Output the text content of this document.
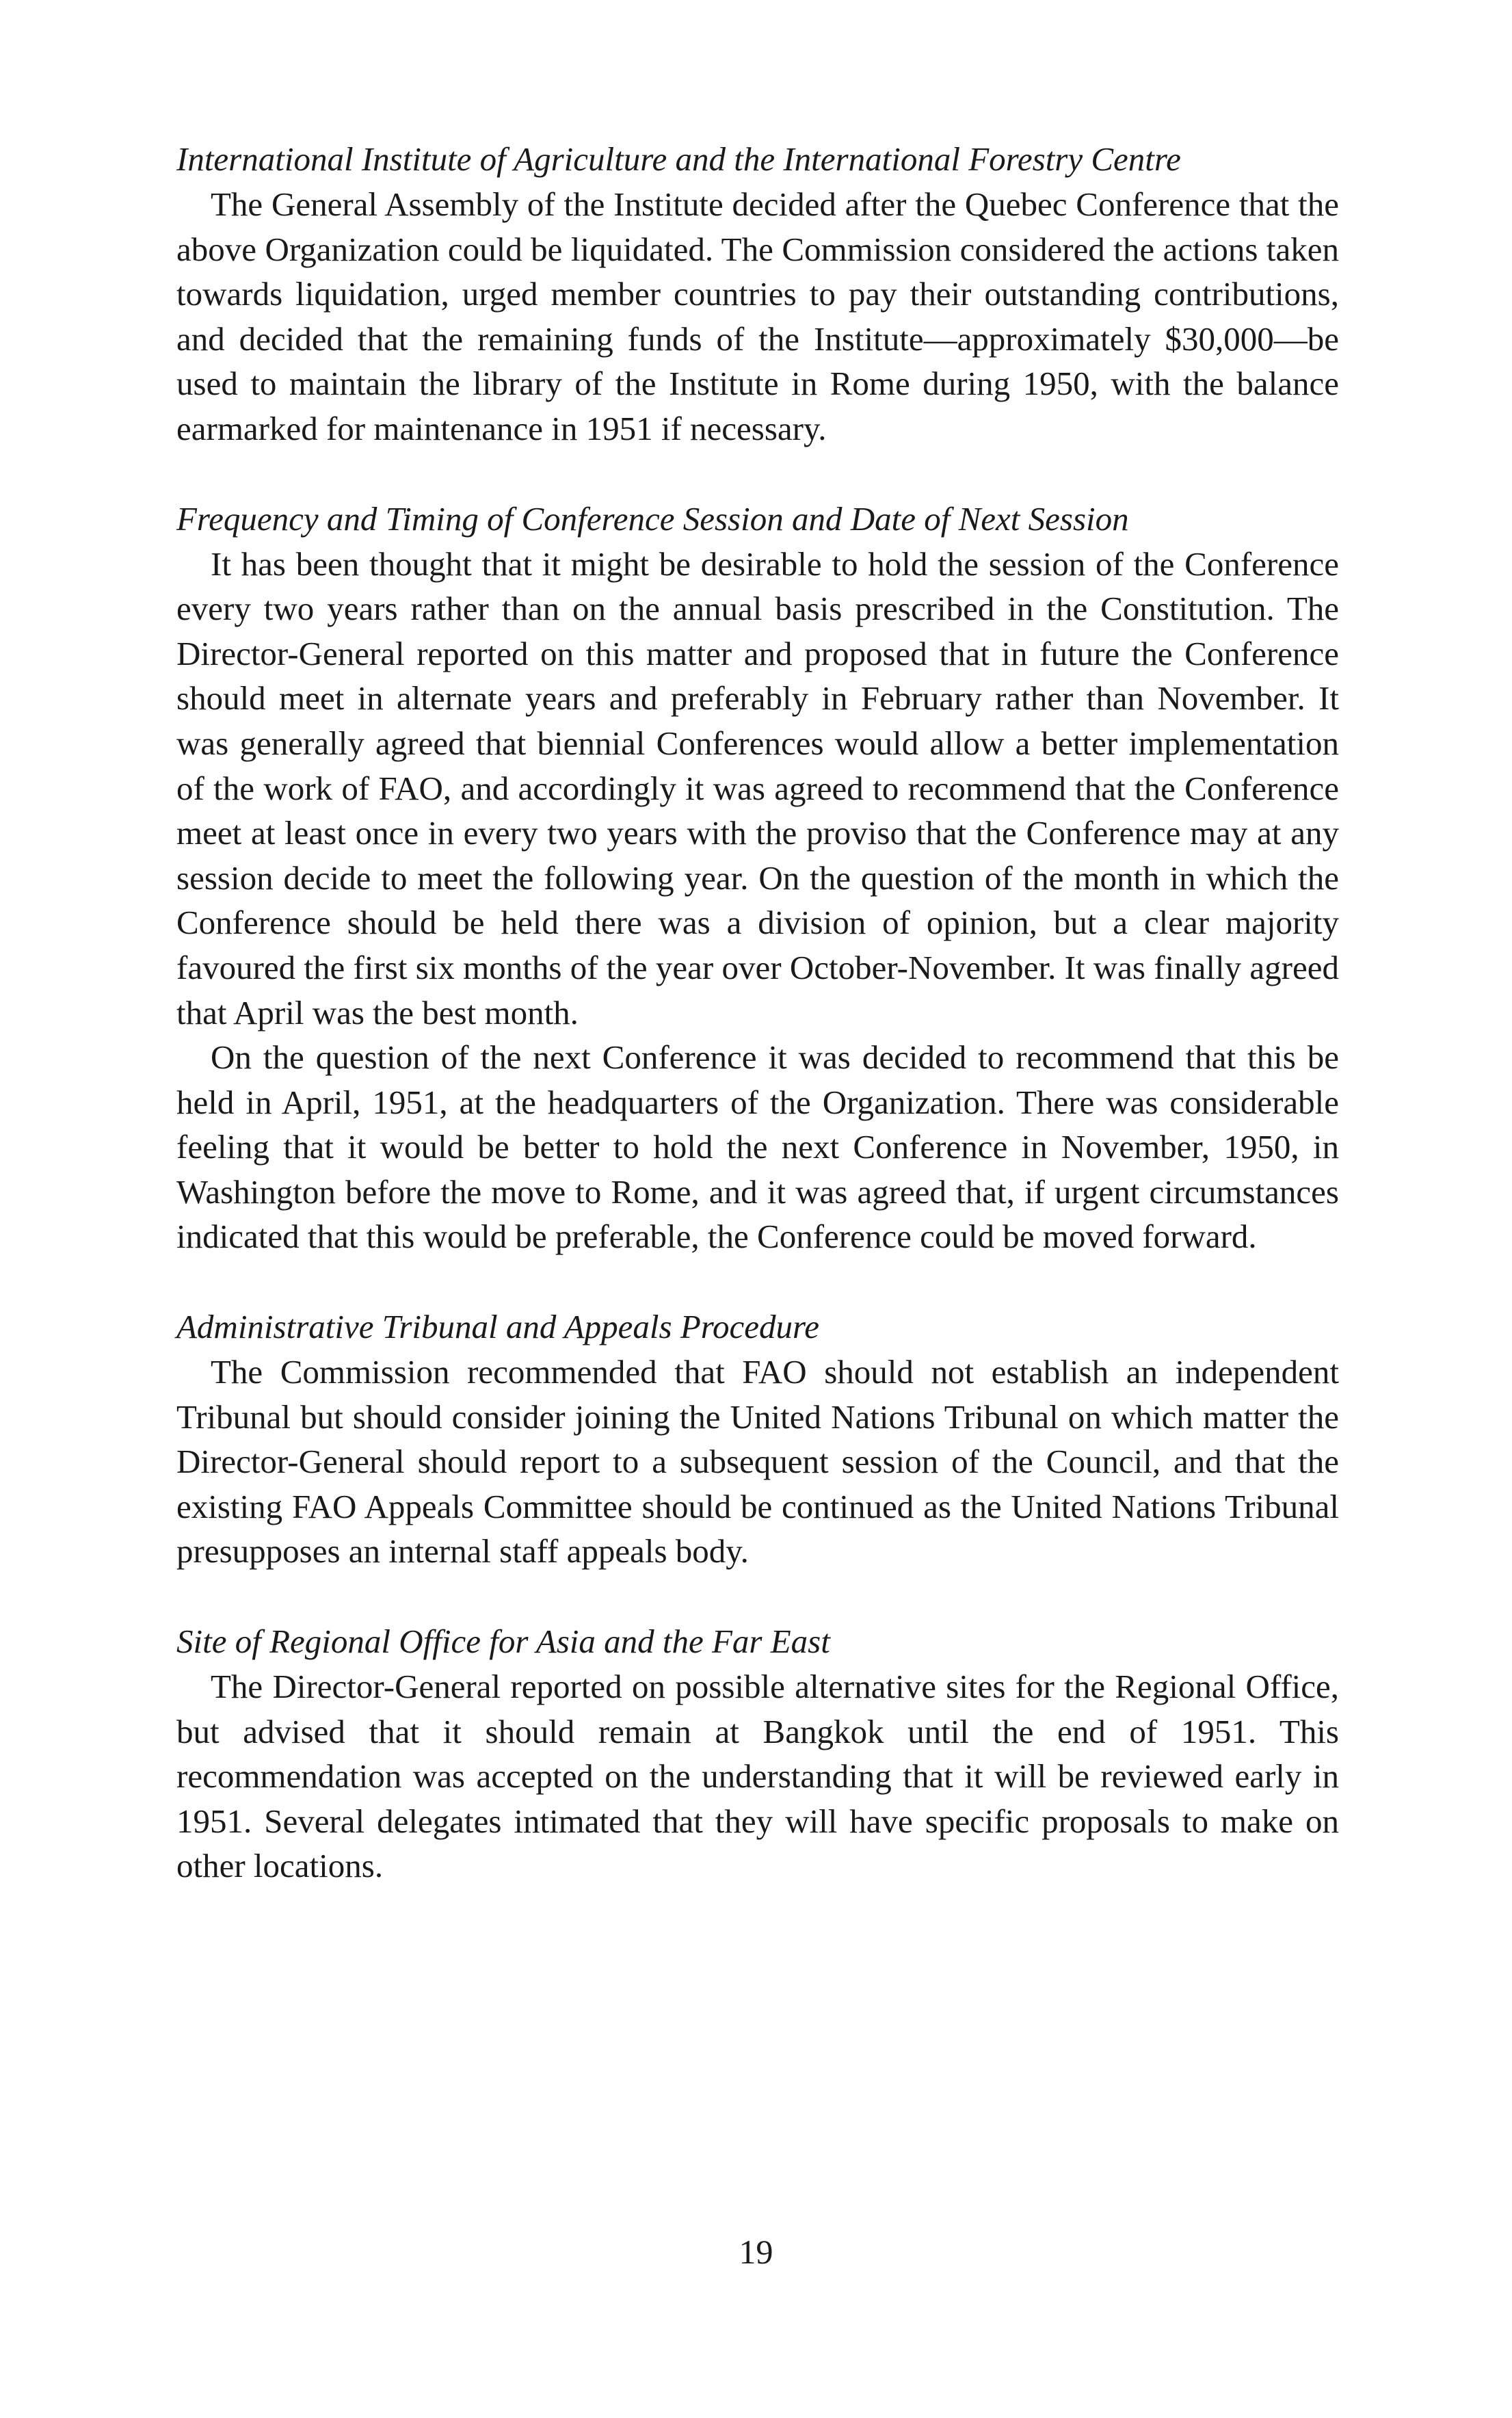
International Institute of Agriculture and the International Forestry Centre

The General Assembly of the Institute decided after the Quebec Conference that the above Organization could be liquidated. The Commission considered the actions taken towards liquidation, urged member countries to pay their outstanding contributions, and decided that the remaining funds of the Institute—approximately $30,000—be used to maintain the library of the Institute in Rome during 1950, with the balance earmarked for maintenance in 1951 if necessary.

Frequency and Timing of Conference Session and Date of Next Session

It has been thought that it might be desirable to hold the session of the Conference every two years rather than on the annual basis prescribed in the Constitution. The Director-General reported on this matter and proposed that in future the Conference should meet in alternate years and preferably in February rather than November. It was generally agreed that biennial Conferences would allow a better implementation of the work of FAO, and accordingly it was agreed to recommend that the Conference meet at least once in every two years with the proviso that the Conference may at any session decide to meet the following year. On the question of the month in which the Conference should be held there was a division of opinion, but a clear majority favoured the first six months of the year over October-November. It was finally agreed that April was the best month.

On the question of the next Conference it was decided to recommend that this be held in April, 1951, at the headquarters of the Organization. There was considerable feeling that it would be better to hold the next Conference in November, 1950, in Washington before the move to Rome, and it was agreed that, if urgent circumstances indicated that this would be preferable, the Conference could be moved forward.

Administrative Tribunal and Appeals Procedure

The Commission recommended that FAO should not establish an independent Tribunal but should consider joining the United Nations Tribunal on which matter the Director-General should report to a subsequent session of the Council, and that the existing FAO Appeals Committee should be continued as the United Nations Tribunal presupposes an internal staff appeals body.

Site of Regional Office for Asia and the Far East

The Director-General reported on possible alternative sites for the Regional Office, but advised that it should remain at Bangkok until the end of 1951. This recommendation was accepted on the understanding that it will be reviewed early in 1951. Several delegates intimated that they will have specific proposals to make on other locations.

19
